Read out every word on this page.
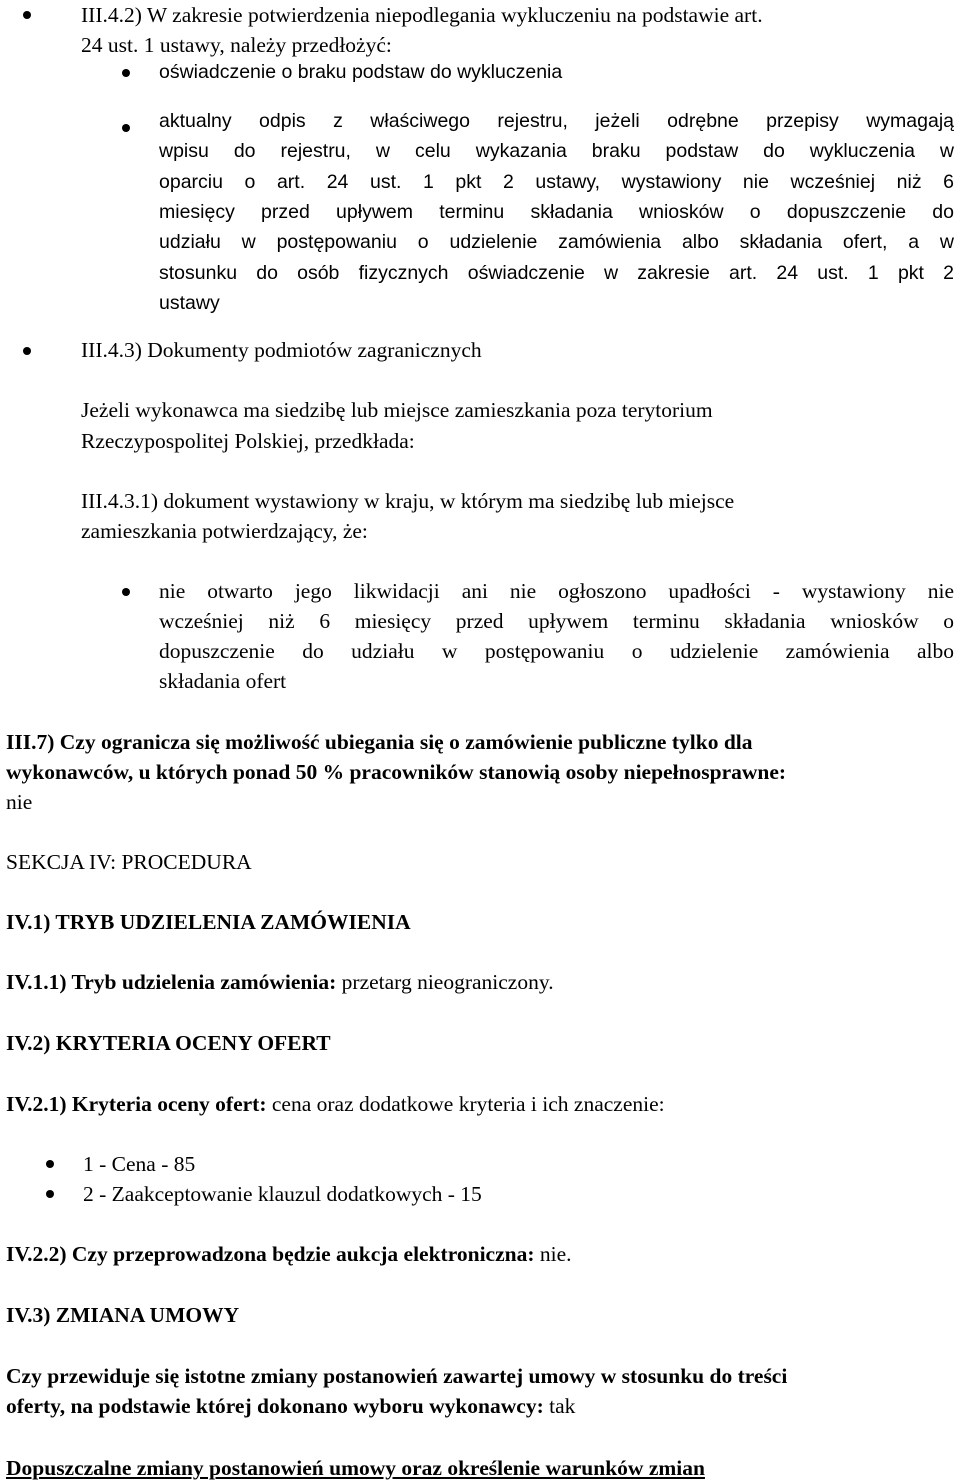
III.4.2) W zakresie potwierdzenia niepodlegania wykluczeniu na podstawie art.
24 ust. 1 ustawy, należy przedłożyć:
oświadczenie o braku podstaw do wykluczenia
aktualny odpis z właściwego rejestru, jeżeli odrębne przepisy wymagają
wpisu do rejestru, w celu wykazania braku podstaw do wykluczenia w
oparciu o art. 24 ust. 1 pkt 2 ustawy, wystawiony nie wcześniej niż 6
miesięcy przed upływem terminu składania wniosków o dopuszczenie do
udziału w postępowaniu o udzielenie zamówienia albo składania ofert, a w
stosunku do osób fizycznych oświadczenie w zakresie art. 24 ust. 1 pkt 2
ustawy
III.4.3) Dokumenty podmiotów zagranicznych
Jeżeli wykonawca ma siedzibę lub miejsce zamieszkania poza terytorium
Rzeczypospolitej Polskiej, przedkłada:
III.4.3.1) dokument wystawiony w kraju, w którym ma siedzibę lub miejsce
zamieszkania potwierdzający, że:
nie otwarto jego likwidacji ani nie ogłoszono upadłości - wystawiony nie
wcześniej niż 6 miesięcy przed upływem terminu składania wniosków o
dopuszczenie do udziału w postępowaniu o udzielenie zamówienia albo
składania ofert
III.7) Czy ogranicza się możliwość ubiegania się o zamówienie publiczne tylko dla
wykonawców, u których ponad 50 % pracowników stanowią osoby niepełnosprawne:
nie
SEKCJA IV: PROCEDURA
IV.1) TRYB UDZIELENIA ZAMÓWIENIA
IV.1.1) Tryb udzielenia zamówienia: przetarg nieograniczony.
IV.2) KRYTERIA OCENY OFERT
IV.2.1) Kryteria oceny ofert: cena oraz dodatkowe kryteria i ich znaczenie:
1 - Cena - 85
2 - Zaakceptowanie klauzul dodatkowych - 15
IV.2.2) Czy przeprowadzona będzie aukcja elektroniczna: nie.
IV.3) ZMIANA UMOWY
Czy przewiduje się istotne zmiany postanowień zawartej umowy w stosunku do treści
oferty, na podstawie której dokonano wyboru wykonawcy: tak
Dopuszczalne zmiany postanowień umowy oraz określenie warunków zmian
